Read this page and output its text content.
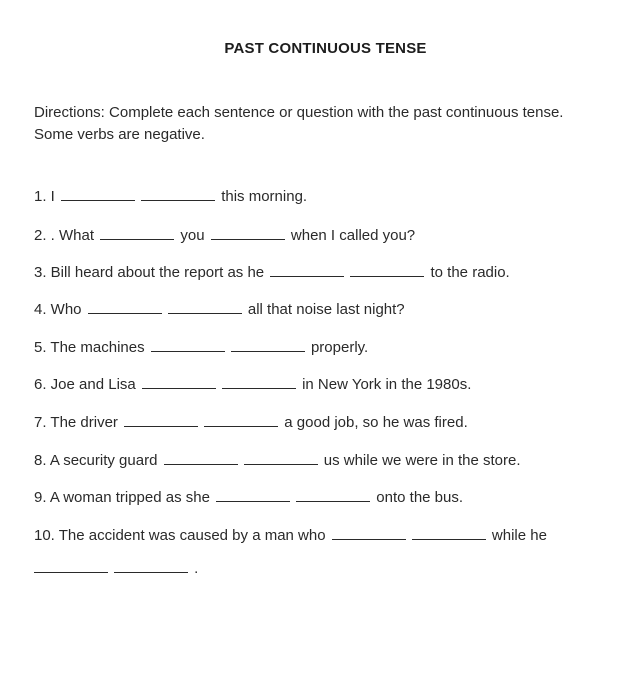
PAST CONTINUOUS TENSE
Directions: Complete each sentence or question with the past continuous tense. Some verbs are negative.
1. I	this morning.
2. . What	you	when I called you?
3. Bill heard about the report as he	to the radio.
4. Who	all that noise last night?
5. The machines	properly.
6. Joe and Lisa	in New York in the 1980s.
7. The driver	a good job, so he was fired.
8. A security guard	us while we were in the store.
9. A woman tripped as she	onto the bus.
10. The accident was caused by a man who	while he
.
